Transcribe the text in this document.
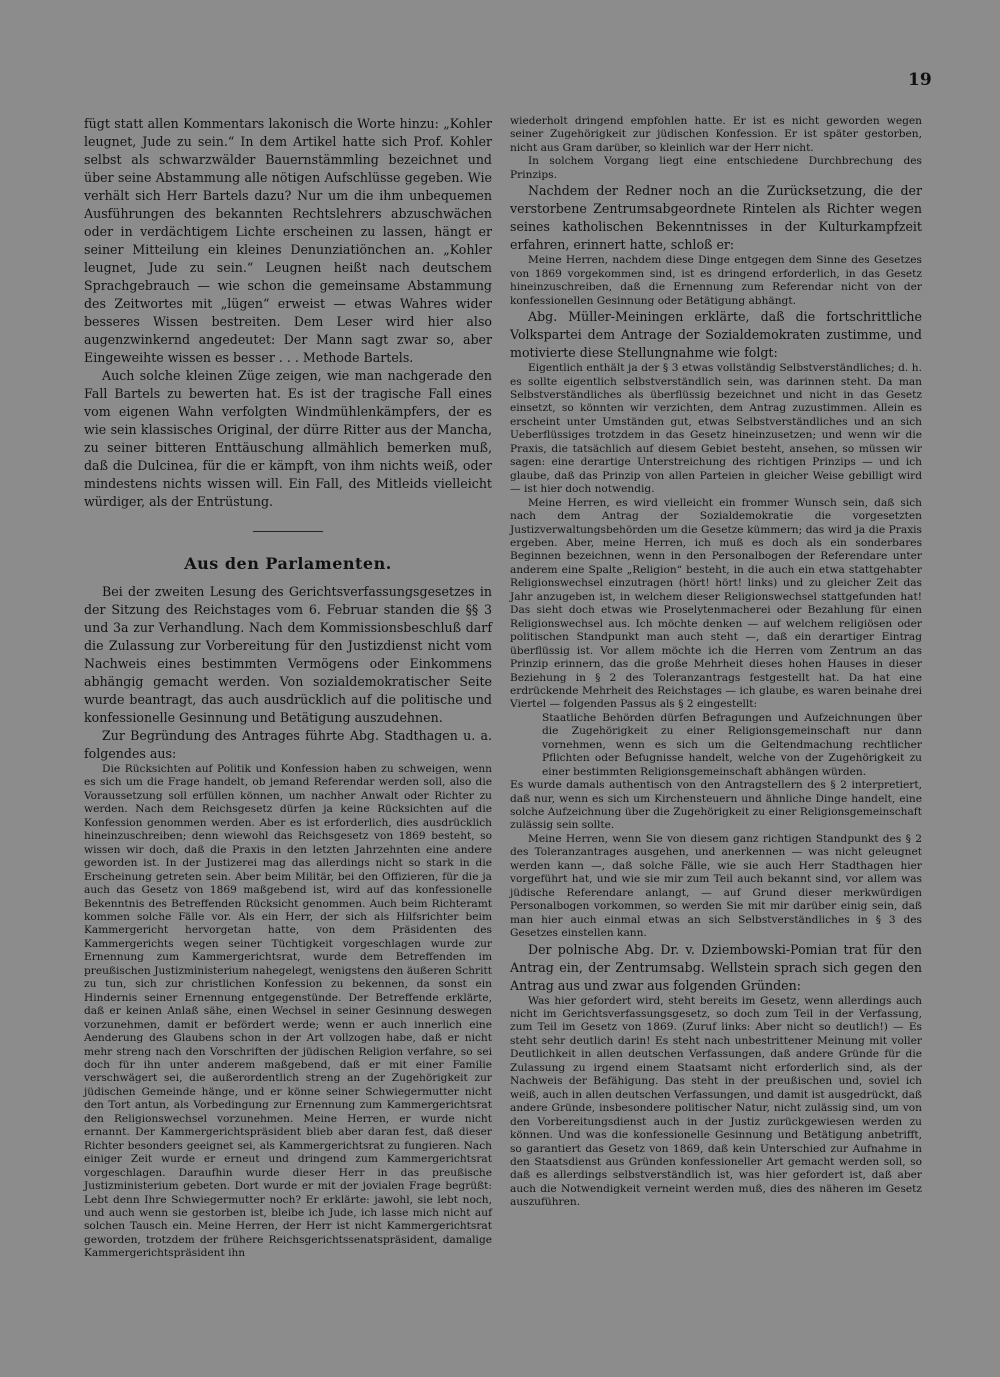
19

fügt statt allen Kommentars lakonisch die Worte hinzu: „Kohler leugnet, Jude zu sein.“ In dem Artikel hatte sich Prof. Kohler selbst als schwarzwälder Bauernstämmling bezeichnet und über seine Abstammung alle nötigen Aufschlüsse gegeben. Wie verhält sich Herr Bartels dazu? Nur um die ihm unbequemen Ausführungen des bekannten Rechtslehrers abzuschwächen oder in verdächtigem Lichte erscheinen zu lassen, hängt er seiner Mitteilung ein kleines Denunziatiönchen an. „Kohler leugnet, Jude zu sein.“ Leugnen heißt nach deutschem Sprachgebrauch — wie schon die gemeinsame Abstammung des Zeitwortes mit „lügen“ erweist — etwas Wahres wider besseres Wissen bestreiten. Dem Leser wird hier also augenzwinkernd angedeutet: Der Mann sagt zwar so, aber Eingeweihte wissen es besser . . . Methode Bartels.

Auch solche kleinen Züge zeigen, wie man nachgerade den Fall Bartels zu bewerten hat. Es ist der tragische Fall eines vom eigenen Wahn verfolgten Windmühlenkämpfers, der es wie sein klassisches Original, der dürre Ritter aus der Mancha, zu seiner bitteren Enttäuschung allmählich bemerken muß, daß die Dulcinea, für die er kämpft, von ihm nichts weiß, oder mindestens nichts wissen will. Ein Fall, des Mitleids vielleicht würdiger, als der Entrüstung.

Aus den Parlamenten.

Bei der zweiten Lesung des Gerichtsverfassungsgesetzes in der Sitzung des Reichstages vom 6. Februar standen die §§ 3 und 3a zur Verhandlung. Nach dem Kommissionsbeschluß darf die Zulassung zur Vorbereitung für den Justizdienst nicht vom Nachweis eines bestimmten Vermögens oder Einkommens abhängig gemacht werden. Von sozialdemokratischer Seite wurde beantragt, das auch ausdrücklich auf die politische und konfessionelle Gesinnung und Betätigung auszudehnen.

Zur Begründung des Antrages führte Abg. Stadthagen u. a. folgendes aus:

Die Rücksichten auf Politik und Konfession haben zu schweigen, wenn es sich um die Frage handelt, ob jemand Referendar werden soll, also die Voraussetzung soll erfüllen können, um nachher Anwalt oder Richter zu werden. Nach dem Reichsgesetz dürfen ja keine Rücksichten auf die Konfession genommen werden. Aber es ist erforderlich, dies ausdrücklich hineinzuschreiben; denn wiewohl das Reichsgesetz von 1869 besteht, so wissen wir doch, daß die Praxis in den letzten Jahrzehnten eine andere geworden ist. In der Justizerei mag das allerdings nicht so stark in die Erscheinung getreten sein. Aber beim Militär, bei den Offizieren, für die ja auch das Gesetz von 1869 maßgebend ist, wird auf das konfessionelle Bekenntnis des Betreffenden Rücksicht genommen. Auch beim Richteramt kommen solche Fälle vor. Als ein Herr, der sich als Hilfsrichter beim Kammergericht hervorgetan hatte, von dem Präsidenten des Kammergerichts wegen seiner Tüchtigkeit vorgeschlagen wurde zur Ernennung zum Kammergerichtsrat, wurde dem Betreffenden im preußischen Justizministerium nahegelegt, wenigstens den äußeren Schritt zu tun, sich zur christlichen Konfession zu bekennen, da sonst ein Hindernis seiner Ernennung entgegenstünde. Der Betreffende erklärte, daß er keinen Anlaß sähe, einen Wechsel in seiner Gesinnung deswegen vorzunehmen, damit er befördert werde; wenn er auch innerlich eine Aenderung des Glaubens schon in der Art vollzogen habe, daß er nicht mehr streng nach den Vorschriften der jüdischen Religion verfahre, so sei doch für ihn unter anderem maßgebend, daß er mit einer Familie verschwägert sei, die außerordentlich streng an der Zugehörigkeit zur jüdischen Gemeinde hänge, und er könne seiner Schwiegermutter nicht den Tort antun, als Vorbedingung zur Ernennung zum Kammergerichtsrat den Religionswechsel vorzunehmen. Meine Herren, er wurde nicht ernannt. Der Kammergerichtspräsident blieb aber daran fest, daß dieser Richter besonders geeignet sei, als Kammergerichtsrat zu fungieren. Nach einiger Zeit wurde er erneut und dringend zum Kammergerichtsrat vorgeschlagen. Daraufhin wurde dieser Herr in das preußische Justizministerium gebeten. Dort wurde er mit der jovialen Frage begrüßt: Lebt denn Ihre Schwiegermutter noch? Er erklärte: jawohl, sie lebt noch, und auch wenn sie gestorben ist, bleibe ich Jude, ich lasse mich nicht auf solchen Tausch ein. Meine Herren, der Herr ist nicht Kammergerichtsrat geworden, trotzdem der frühere Reichsgerichtssenatspräsident, damalige Kammergerichtspräsident ihn

wiederholt dringend empfohlen hatte. Er ist es nicht geworden wegen seiner Zugehörigkeit zur jüdischen Konfession. Er ist später gestorben, nicht aus Gram darüber, so kleinlich war der Herr nicht.

In solchem Vorgang liegt eine entschiedene Durchbrechung des Prinzips.

Nachdem der Redner noch an die Zurücksetzung, die der verstorbene Zentrumsabgeordnete Rintelen als Richter wegen seines katholischen Bekenntnisses in der Kulturkampfzeit erfahren, erinnert hatte, schloß er:

Meine Herren, nachdem diese Dinge entgegen dem Sinne des Gesetzes von 1869 vorgekommen sind, ist es dringend erforderlich, in das Gesetz hineinzuschreiben, daß die Ernennung zum Referendar nicht von der konfessionellen Gesinnung oder Betätigung abhängt.

Abg. Müller-Meiningen erklärte, daß die fortschrittliche Volkspartei dem Antrage der Sozialdemokraten zustimme, und motivierte diese Stellungnahme wie folgt:

Eigentlich enthält ja der § 3 etwas vollständig Selbstverständliches; d. h. es sollte eigentlich selbstverständlich sein, was darinnen steht. Da man Selbstverständliches als überflüssig bezeichnet und nicht in das Gesetz einsetzt, so könnten wir verzichten, dem Antrag zuzustimmen. Allein es erscheint unter Umständen gut, etwas Selbstverständliches und an sich Ueberflüssiges trotzdem in das Gesetz hineinzusetzen; und wenn wir die Praxis, die tatsächlich auf diesem Gebiet besteht, ansehen, so müssen wir sagen: eine derartige Unterstreichung des richtigen Prinzips — und ich glaube, daß das Prinzip von allen Parteien in gleicher Weise gebilligt wird — ist hier doch notwendig.

Meine Herren, es wird vielleicht ein frommer Wunsch sein, daß sich nach dem Antrag der Sozialdemokratie die vorgesetzten Justizverwaltungsbehörden um die Gesetze kümmern; das wird ja die Praxis ergeben. Aber, meine Herren, ich muß es doch als ein sonderbares Beginnen bezeichnen, wenn in den Personalbogen der Referendare unter anderem eine Spalte „Religion“ besteht, in die auch ein etwa stattgehabter Religionswechsel einzutragen (hört! hört! links) und zu gleicher Zeit das Jahr anzugeben ist, in welchem dieser Religionswechsel stattgefunden hat! Das sieht doch etwas wie Proselytenmacherei oder Bezahlung für einen Religionswechsel aus. Ich möchte denken — auf welchem religiösen oder politischen Standpunkt man auch steht —, daß ein derartiger Eintrag überflüssig ist. Vor allem möchte ich die Herren vom Zentrum an das Prinzip erinnern, das die große Mehrheit dieses hohen Hauses in dieser Beziehung in § 2 des Toleranzantrags festgestellt hat. Da hat eine erdrückende Mehrheit des Reichstages — ich glaube, es waren beinahe drei Viertel — folgenden Passus als § 2 eingestellt:

Staatliche Behörden dürfen Befragungen und Aufzeichnungen über die Zugehörigkeit zu einer Religionsgemeinschaft nur dann vornehmen, wenn es sich um die Geltendmachung rechtlicher Pflichten oder Befugnisse handelt, welche von der Zugehörigkeit zu einer bestimmten Religionsgemeinschaft abhängen würden.

Es wurde damals authentisch von den Antragstellern des § 2 interpretiert, daß nur, wenn es sich um Kirchensteuern und ähnliche Dinge handelt, eine solche Aufzeichnung über die Zugehörigkeit zu einer Religionsgemeinschaft zulässig sein sollte.

Meine Herren, wenn Sie von diesem ganz richtigen Standpunkt des § 2 des Toleranzantrages ausgehen, und anerkennen — was nicht geleugnet werden kann —, daß solche Fälle, wie sie auch Herr Stadthagen hier vorgeführt hat, und wie sie mir zum Teil auch bekannt sind, vor allem was jüdische Referendare anlangt, — auf Grund dieser merkwürdigen Personalbogen vorkommen, so werden Sie mit mir darüber einig sein, daß man hier auch einmal etwas an sich Selbstverständliches in § 3 des Gesetzes einstellen kann.

Der polnische Abg. Dr. v. Dziembowski-Pomian trat für den Antrag ein, der Zentrumsabg. Wellstein sprach sich gegen den Antrag aus und zwar aus folgenden Gründen:

Was hier gefordert wird, steht bereits im Gesetz, wenn allerdings auch nicht im Gerichtsverfassungsgesetz, so doch zum Teil in der Verfassung, zum Teil im Gesetz von 1869. (Zuruf links: Aber nicht so deutlich!) — Es steht sehr deutlich darin! Es steht nach unbestrittener Meinung mit voller Deutlichkeit in allen deutschen Verfassungen, daß andere Gründe für die Zulassung zu irgend einem Staatsamt nicht erforderlich sind, als der Nachweis der Befähigung. Das steht in der preußischen und, soviel ich weiß, auch in allen deutschen Verfassungen, und damit ist ausgedrückt, daß andere Gründe, insbesondere politischer Natur, nicht zulässig sind, um von den Vorbereitungsdienst auch in der Justiz zurückgewiesen werden zu können. Und was die konfessionelle Gesinnung und Betätigung anbetrifft, so garantiert das Gesetz von 1869, daß kein Unterschied zur Aufnahme in den Staatsdienst aus Gründen konfessioneller Art gemacht werden soll, so daß es allerdings selbstverständlich ist, was hier gefordert ist, daß aber auch die Notwendigkeit verneint werden muß, dies des näheren im Gesetz auszuführen.
